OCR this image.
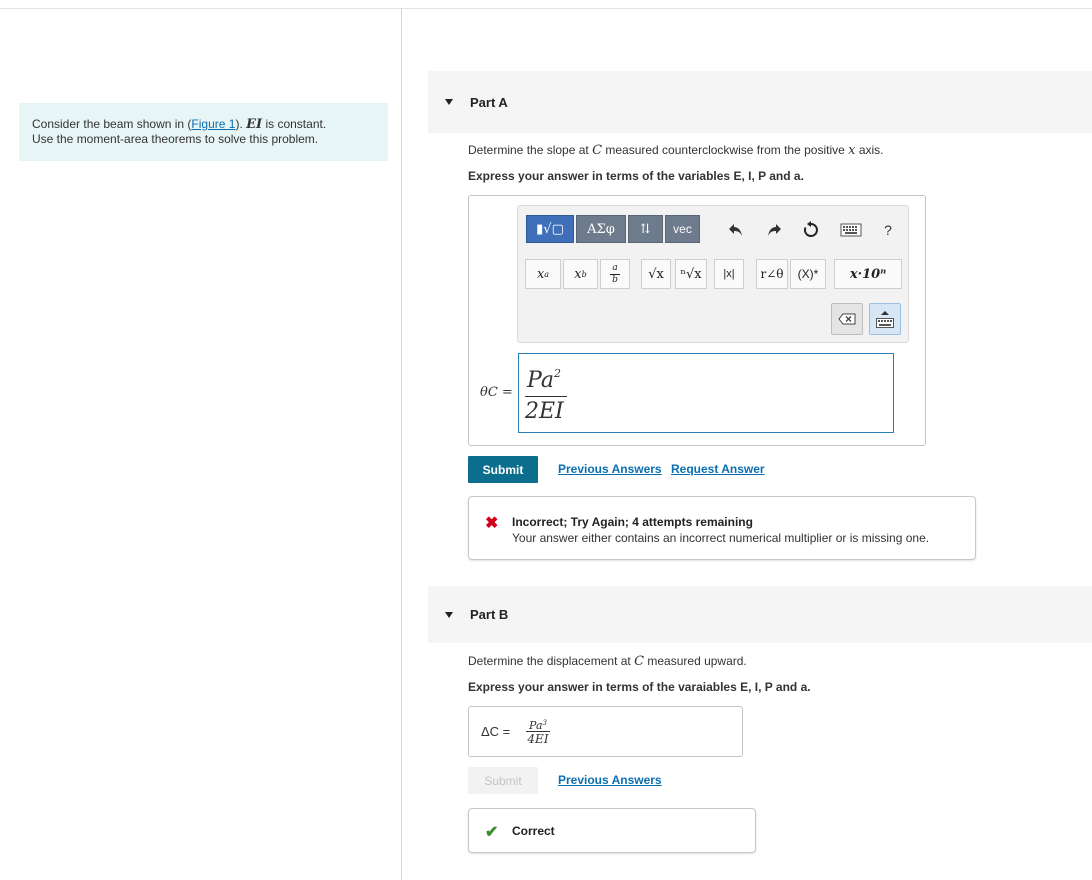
Consider the beam shown in (Figure 1). EI is constant.
Use the moment-area theorems to solve this problem.
Part A
Determine the slope at C measured counterclockwise from the positive x axis.
Express your answer in terms of the variables E, I, P and a.
▮√▢	ΑΣφ	⇅	vec	?
x a x b
a
b	√x	ⁿ√x	|x|	r∠θ	(X)*	x·10ⁿ
$\theta C = Pa^2$
2EI
Submit	Previous Answers Request Answer
✖ Incorrect; Try Again; 4 attempts remaining
Your answer either contains an incorrect numerical multiplier or is missing one.
Part B
Determine the displacement at C measured upward.
Express your answer in terms of the varaiables E, I, P and a.
ΔC =	$Pa^3$
4EI
Submit	Previous Answers
✔ Correct
